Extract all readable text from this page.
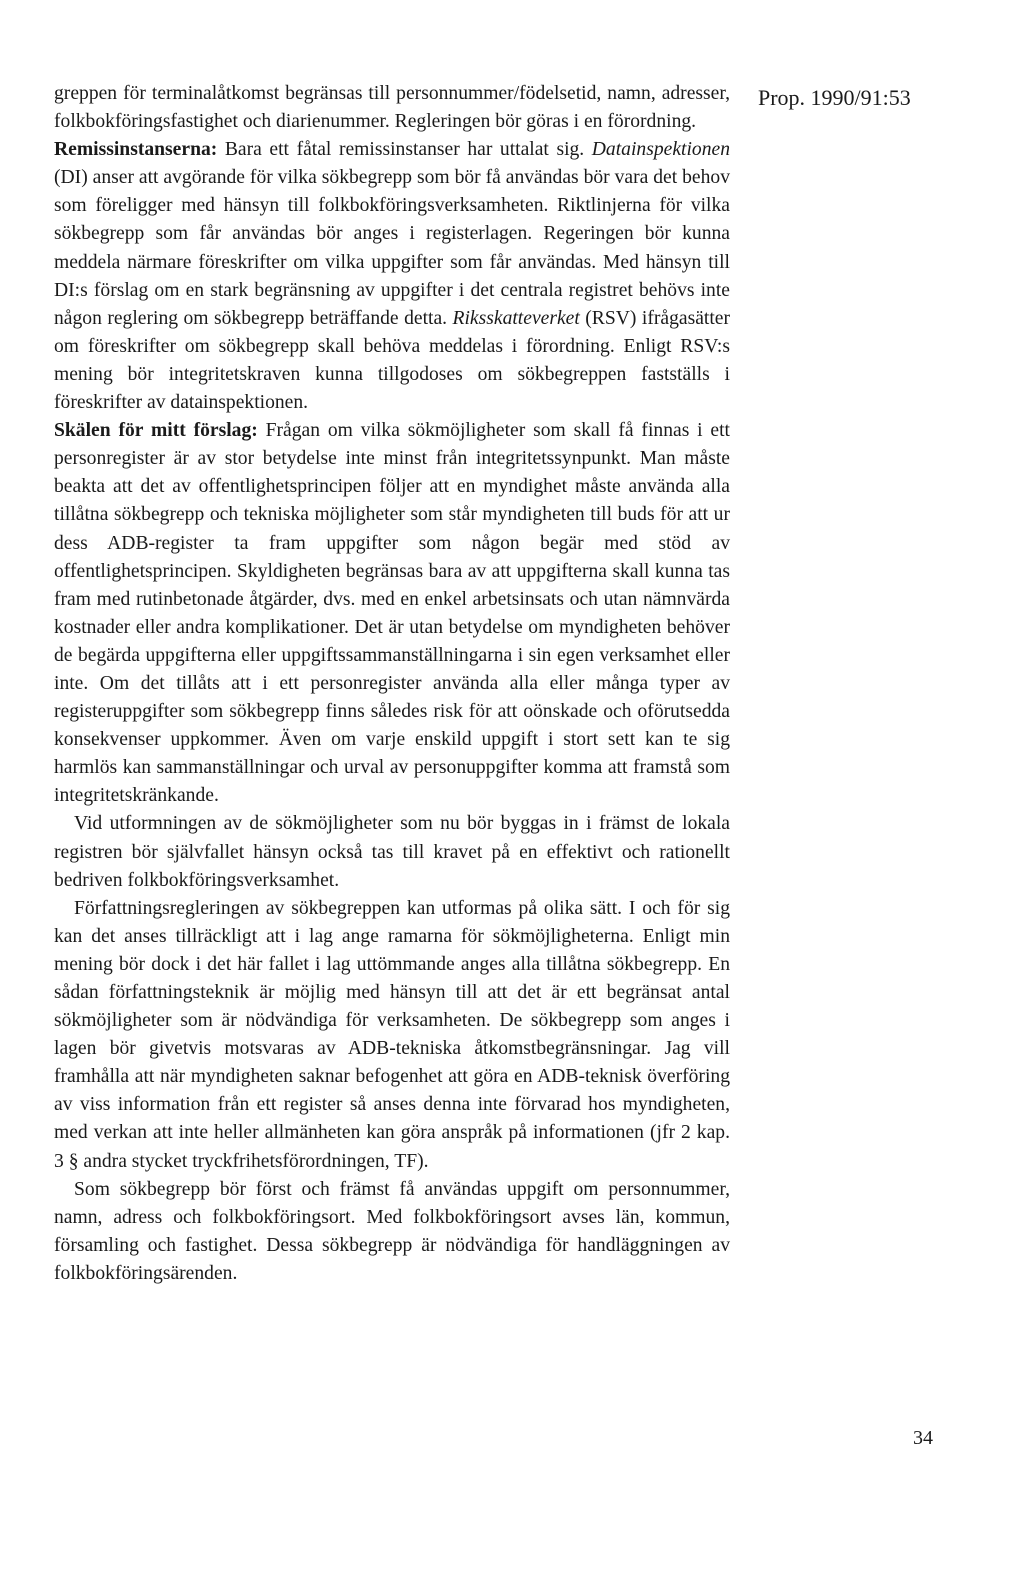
Prop. 1990/91:53

greppen för terminalåtkomst begränsas till personnummer/födelsetid, namn, adresser, folkbokföringsfastighet och diarienummer. Regleringen bör göras i en förordning.

Remissinstanserna: Bara ett fåtal remissinstanser har uttalat sig. Datainspektionen (DI) anser att avgörande för vilka sökbegrepp som bör få användas bör vara det behov som föreligger med hänsyn till folkbokföringsverksamheten. Riktlinjerna för vilka sökbegrepp som får användas bör anges i registerlagen. Regeringen bör kunna meddela närmare föreskrifter om vilka uppgifter som får användas. Med hänsyn till DI:s förslag om en stark begränsning av uppgifter i det centrala registret behövs inte någon reglering om sökbegrepp beträffande detta. Riksskatteverket (RSV) ifrågasätter om föreskrifter om sökbegrepp skall behöva meddelas i förordning. Enligt RSV:s mening bör integritetskraven kunna tillgodoses om sökbegreppen fastställs i föreskrifter av datainspektionen.

Skälen för mitt förslag: Frågan om vilka sökmöjligheter som skall få finnas i ett personregister är av stor betydelse inte minst från integritetssynpunkt. Man måste beakta att det av offentlighetsprincipen följer att en myndighet måste använda alla tillåtna sökbegrepp och tekniska möjligheter som står myndigheten till buds för att ur dess ADB-register ta fram uppgifter som någon begär med stöd av offentlighetsprincipen. Skyldigheten begränsas bara av att uppgifterna skall kunna tas fram med rutinbetonade åtgärder, dvs. med en enkel arbetsinsats och utan nämnvärda kostnader eller andra komplikationer. Det är utan betydelse om myndigheten behöver de begärda uppgifterna eller uppgiftssammanställningarna i sin egen verksamhet eller inte. Om det tillåts att i ett personregister använda alla eller många typer av registeruppgifter som sökbegrepp finns således risk för att oönskade och oförutsedda konsekvenser uppkommer. Även om varje enskild uppgift i stort sett kan te sig harmlös kan sammanställningar och urval av personuppgifter komma att framstå som integritetskränkande.

Vid utformningen av de sökmöjligheter som nu bör byggas in i främst de lokala registren bör självfallet hänsyn också tas till kravet på en effektivt och rationellt bedriven folkbokföringsverksamhet.

Författningsregleringen av sökbegreppen kan utformas på olika sätt. I och för sig kan det anses tillräckligt att i lag ange ramarna för sökmöjligheterna. Enligt min mening bör dock i det här fallet i lag uttömmande anges alla tillåtna sökbegrepp. En sådan författningsteknik är möjlig med hänsyn till att det är ett begränsat antal sökmöjligheter som är nödvändiga för verksamheten. De sökbegrepp som anges i lagen bör givetvis motsvaras av ADB-tekniska åtkomstbegränsningar. Jag vill framhålla att när myndigheten saknar befogenhet att göra en ADB-teknisk överföring av viss information från ett register så anses denna inte förvarad hos myndigheten, med verkan att inte heller allmänheten kan göra anspråk på informationen (jfr 2 kap. 3 § andra stycket tryckfrihetsförordningen, TF).

Som sökbegrepp bör först och främst få användas uppgift om personnummer, namn, adress och folkbokföringsort. Med folkbokföringsort avses län, kommun, församling och fastighet. Dessa sökbegrepp är nödvändiga för handläggningen av folkbokföringsärenden.

34
